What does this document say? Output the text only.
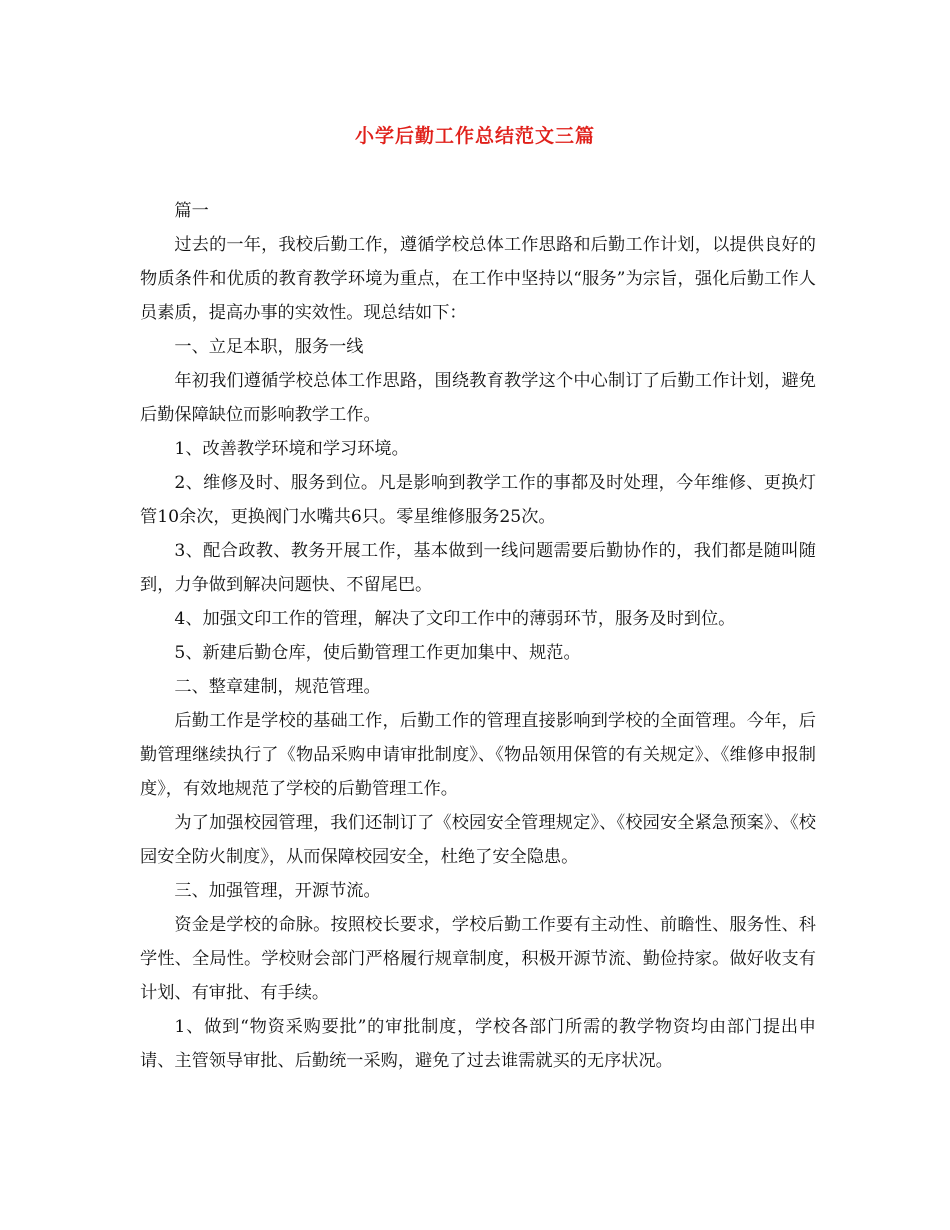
小学后勤工作总结范文三篇

篇一

过去的一年，我校后勤工作，遵循学校总体工作思路和后勤工作计划，以提供良好的物质条件和优质的教育教学环境为重点，在工作中坚持以“服务”为宗旨，强化后勤工作人员素质，提高办事的实效性。现总结如下：

一、立足本职，服务一线

年初我们遵循学校总体工作思路，围绕教育教学这个中心制订了后勤工作计划，避免后勤保障缺位而影响教学工作。

1、改善教学环境和学习环境。

2、维修及时、服务到位。凡是影响到教学工作的事都及时处理，今年维修、更换灯管10余次，更换阀门水嘴共6只。零星维修服务25次。

3、配合政教、教务开展工作，基本做到一线问题需要后勤协作的，我们都是随叫随到，力争做到解决问题快、不留尾巴。

4、加强文印工作的管理，解决了文印工作中的薄弱环节，服务及时到位。

5、新建后勤仓库，使后勤管理工作更加集中、规范。

二、整章建制，规范管理。

后勤工作是学校的基础工作，后勤工作的管理直接影响到学校的全面管理。今年，后勤管理继续执行了《物品采购申请审批制度》、《物品领用保管的有关规定》、《维修申报制度》，有效地规范了学校的后勤管理工作。

为了加强校园管理，我们还制订了《校园安全管理规定》、《校园安全紧急预案》、《校园安全防火制度》，从而保障校园安全，杜绝了安全隐患。

三、加强管理，开源节流。

资金是学校的命脉。按照校长要求，学校后勤工作要有主动性、前瞻性、服务性、科学性、全局性。学校财会部门严格履行规章制度，积极开源节流、勤俭持家。做好收支有计划、有审批、有手续。

1、做到“物资采购要批”的审批制度，学校各部门所需的教学物资均由部门提出申请、主管领导审批、后勤统一采购，避免了过去谁需就买的无序状况。
